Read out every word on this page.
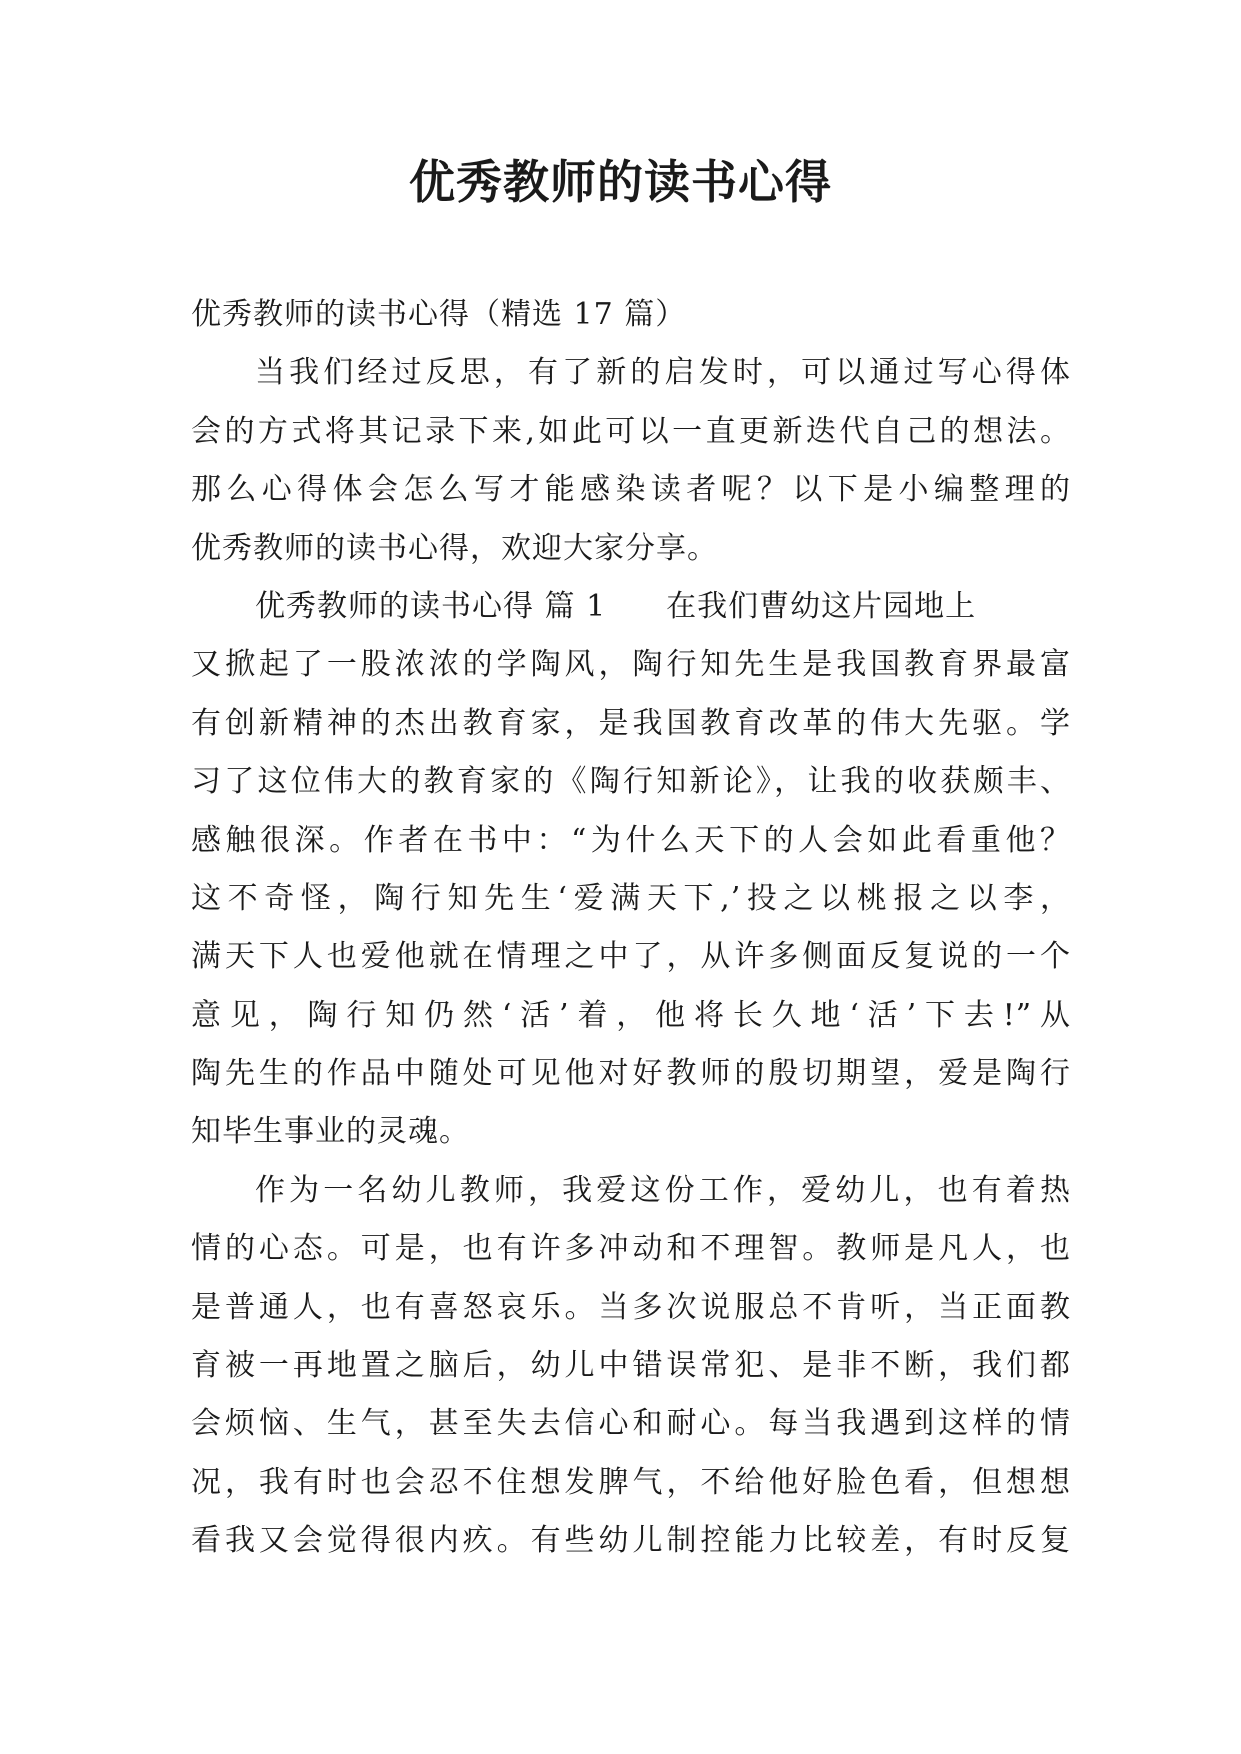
优秀教师的读书心得
优秀教师的读书心得（精选 17 篇）
当我们经过反思，有了新的启发时，可以通过写心得体
会的方式将其记录下来,如此可以一直更新迭代自己的想法。
那么心得体会怎么写才能感染读者呢？以下是小编整理的
优秀教师的读书心得，欢迎大家分享。
优秀教师的读书心得 篇 1 在我们曹幼这片园地上
又掀起了一股浓浓的学陶风，陶行知先生是我国教育界最富
有创新精神的杰出教育家，是我国教育改革的伟大先驱。学
习了这位伟大的教育家的《陶行知新论》，让我的收获颇丰、
感触很深。作者在书中：“为什么天下的人会如此看重他？
这不奇怪，陶行知先生‘爱满天下,’投之以桃报之以李，
满天下人也爱他就在情理之中了，从许多侧面反复说的一个
意见，陶行知仍然‘活’着，他将长久地‘活’下去!”从
陶先生的作品中随处可见他对好教师的殷切期望，爱是陶行
知毕生事业的灵魂。
作为一名幼儿教师，我爱这份工作，爱幼儿，也有着热
情的心态。可是，也有许多冲动和不理智。教师是凡人，也
是普通人，也有喜怒哀乐。当多次说服总不肯听，当正面教
育被一再地置之脑后，幼儿中错误常犯、是非不断，我们都
会烦恼、生气，甚至失去信心和耐心。每当我遇到这样的情
况，我有时也会忍不住想发脾气，不给他好脸色看，但想想
看我又会觉得很内疚。有些幼儿制控能力比较差，有时反复
